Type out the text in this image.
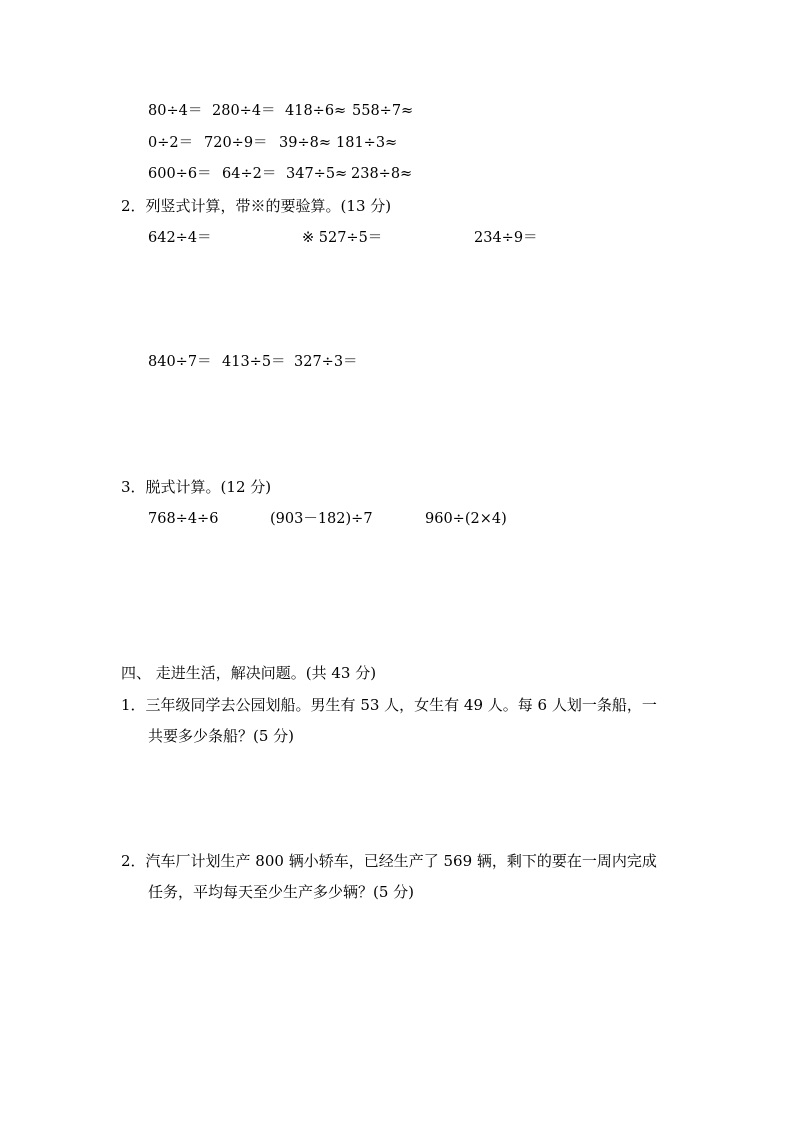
80÷4＝ 280÷4＝ 418÷6≈ 558÷7≈
0÷2＝ 720÷9＝ 39÷8≈ 181÷3≈
600÷6＝ 64÷2＝ 347÷5≈ 238÷8≈
2．列竖式计算，带※的要验算。(13 分)
642÷4＝	※ 527÷5＝	234÷9＝
840÷7＝ 413÷5＝ 327÷3＝
3．脱式计算。(12 分)
768÷4÷6	(903－182)÷7	960÷(2×4)
四、 走进生活，解决问题。(共 43 分)
1．三年级同学去公园划船。男生有 53 人，女生有 49 人。每 6 人划一条船，一
共要多少条船？(5 分)
2．汽车厂计划生产 800 辆小轿车，已经生产了 569 辆，剩下的要在一周内完成
任务，平均每天至少生产多少辆？(5 分)
